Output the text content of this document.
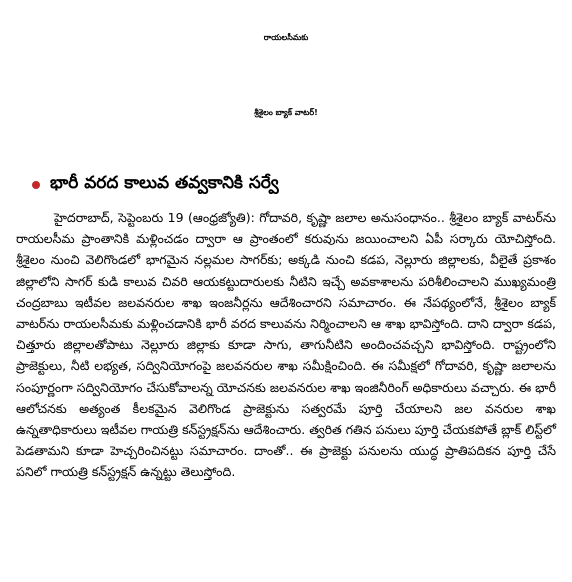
రాయలసీమకు
శ్రీశైలం బ్యాక్ వాటర్!
భారీ వరద కాలువ తవ్వకానికి సర్వే

హైదరాబాద్, సెప్టెంబరు 19 (ఆంధ్రజ్యోతి): గోదావరి, కృష్ణా జలాల అనుసంధానం.. శ్రీశైలం బ్యాక్ వాటర్‌ను రాయలసీమ ప్రాంతానికి మళ్లించడం ద్వారా ఆ ప్రాంతంలో కరువును జయించాలని ఏపీ సర్కారు యోచిస్తోంది. శ్రీశైలం నుంచి వెలిగొండలో భాగమైన నల్లమల సాగర్‌కు; అక్కడి నుంచి కడప, నెల్లూరు జిల్లాలకు, వీలైతే ప్రకాశం జిల్లాలోని సాగర్ కుడి కాలువ చివరి ఆయకట్టుదారులకు నీటిని ఇచ్చే అవకాశాలను పరిశీలించాలని ముఖ్యమంత్రి చంద్రబాబు ఇటీవల జలవనరుల శాఖ ఇంజనీర్లను ఆదేశించారని సమాచారం. ఈ నేపథ్యంలోనే, శ్రీశైలం బ్యాక్ వాటర్‌ను రాయలసీమకు మళ్లించడానికి భారీ వరద కాలువను నిర్మించాలని ఆ శాఖ భావిస్తోంది. దాని ద్వారా కడప, చిత్తూరు జిల్లాలతోపాటు నెల్లూరు జిల్లాకు కూడా సాగు, తాగునీటిని అందించవచ్చని భావిస్తోంది. రాష్ట్రంలోని ప్రాజెక్టులు, నీటి లభ్యత, సద్వినియోగంపై జలవనరుల శాఖ సమీక్షించింది. ఈ సమీక్షలో గోదావరి, కృష్ణా జలాలను సంపూర్ణంగా సద్వినియోగం చేసుకోవాలన్న యోచనకు జలవనరుల శాఖ ఇంజినీరింగ్ అధికారులు వచ్చారు. ఈ భారీ ఆలోచనకు అత్యంత కీలకమైన వెలిగొండ ప్రాజెక్టును సత్వరమే పూర్తి చేయాలని జల వనరుల శాఖ ఉన్నతాధికారులు ఇటీవల గాయత్రి కన్‌స్ట్రక్షన్‌ను ఆదేశించారు. త్వరిత గతిన పనులు పూర్తి చేయకపోతే బ్లాక్ లిస్ట్‌లో పెడతామని కూడా హెచ్చరించినట్టు సమాచారం. దాంతో.. ఈ ప్రాజెక్టు పనులను యుద్ధ ప్రాతిపదికన పూర్తి చేసే పనిలో గాయత్రి కన్‌స్ట్రక్షన్ ఉన్నట్టు తెలుస్తోంది.
